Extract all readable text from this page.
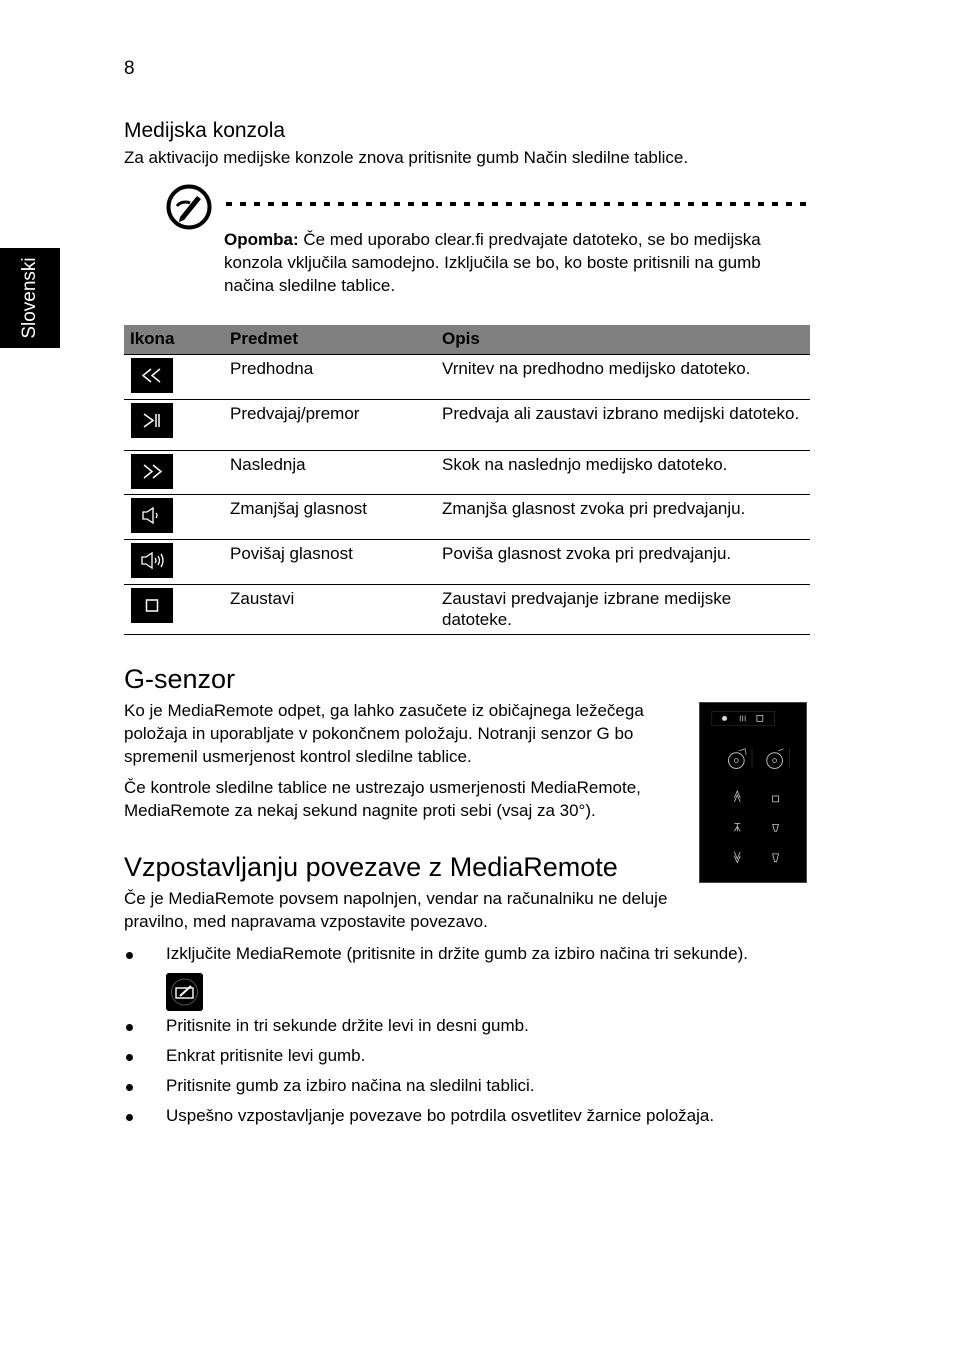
8
Slovenski
Medijska konzola
Za aktivacijo medijske konzole znova pritisnite gumb Način sledilne tablice.
Opomba: Če med uporabo clear.fi predvajate datoteko, se bo medijska konzola vključila samodejno. Izključila se bo, ko boste pritisnili na gumb načina sledilne tablice.
Ikona	Predmet	Opis

	Predhodna	Vrnitev na predhodno medijsko datoteko.

	Predvajaj/premor	Predvaja ali zaustavi izbrano medijski datoteko.

	Naslednja	Skok na naslednjo medijsko datoteko.

	Zmanjšaj glasnost	Zmanjša glasnost zvoka pri predvajanju.

	Povišaj glasnost	Poviša glasnost zvoka pri predvajanju.

	Zaustavi	Zaustavi predvajanje izbrane medijske datoteke.
G-senzor

Ko je MediaRemote odpet, ga lahko zasučete iz običajnega ležečega položaja in uporabljate v pokončnem položaju. Notranji senzor G bo spremenil usmerjenost kontrol sledilne tablice.

Če kontrole sledilne tablice ne ustrezajo usmerjenosti MediaRemote, MediaRemote za nekaj sekund nagnite proti sebi (vsaj za 30°).

Vzpostavljanju povezave z MediaRemote

Če je MediaRemote povsem napolnjen, vendar na računalniku ne deluje pravilno, med napravama vzpostavite povezavo.

Izključite MediaRemote (pritisnite in držite gumb za izbiro načina tri sekunde).
Pritisnite in tri sekunde držite levi in desni gumb.
Enkrat pritisnite levi gumb.
Pritisnite gumb za izbiro načina na sledilni tablici.
Uspešno vzpostavljanje povezave bo potrdila osvetlitev žarnice položaja.
